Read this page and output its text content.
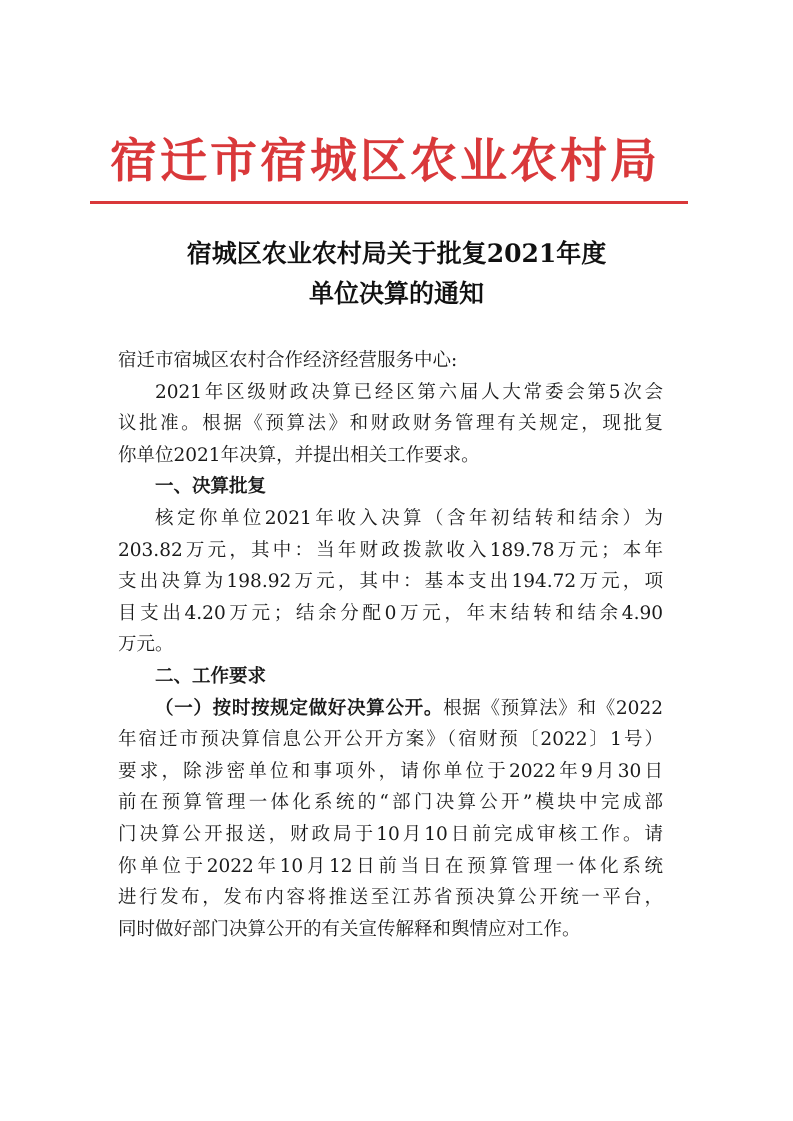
宿迁市宿城区农业农村局
宿城区农业农村局关于批复2021年度
单位决算的通知

宿迁市宿城区农村合作经济经营服务中心:

2021年区级财政决算已经区第六届人大常委会第5次会

议批准。根据《预算法》和财政财务管理有关规定，现批复

你单位2021年决算，并提出相关工作要求。

一、决算批复

核定你单位2021年收入决算（含年初结转和结余）为

203.82万元，其中：当年财政拨款收入189.78万元；本年

支出决算为198.92万元，其中：基本支出194.72万元，项

目支出4.20万元；结余分配0万元，年末结转和结余4.90

万元。

二、工作要求

（一）按时按规定做好决算公开。根据《预算法》和《2022

年宿迁市预决算信息公开公开方案》（宿财预〔2022〕1号）

要求，除涉密单位和事项外，请你单位于2022年9月30日

前在预算管理一体化系统的“部门决算公开”模块中完成部

门决算公开报送，财政局于10月10日前完成审核工作。请

你单位于2022年10月12日前当日在预算管理一体化系统

进行发布，发布内容将推送至江苏省预决算公开统一平台，

同时做好部门决算公开的有关宣传解释和舆情应对工作。
